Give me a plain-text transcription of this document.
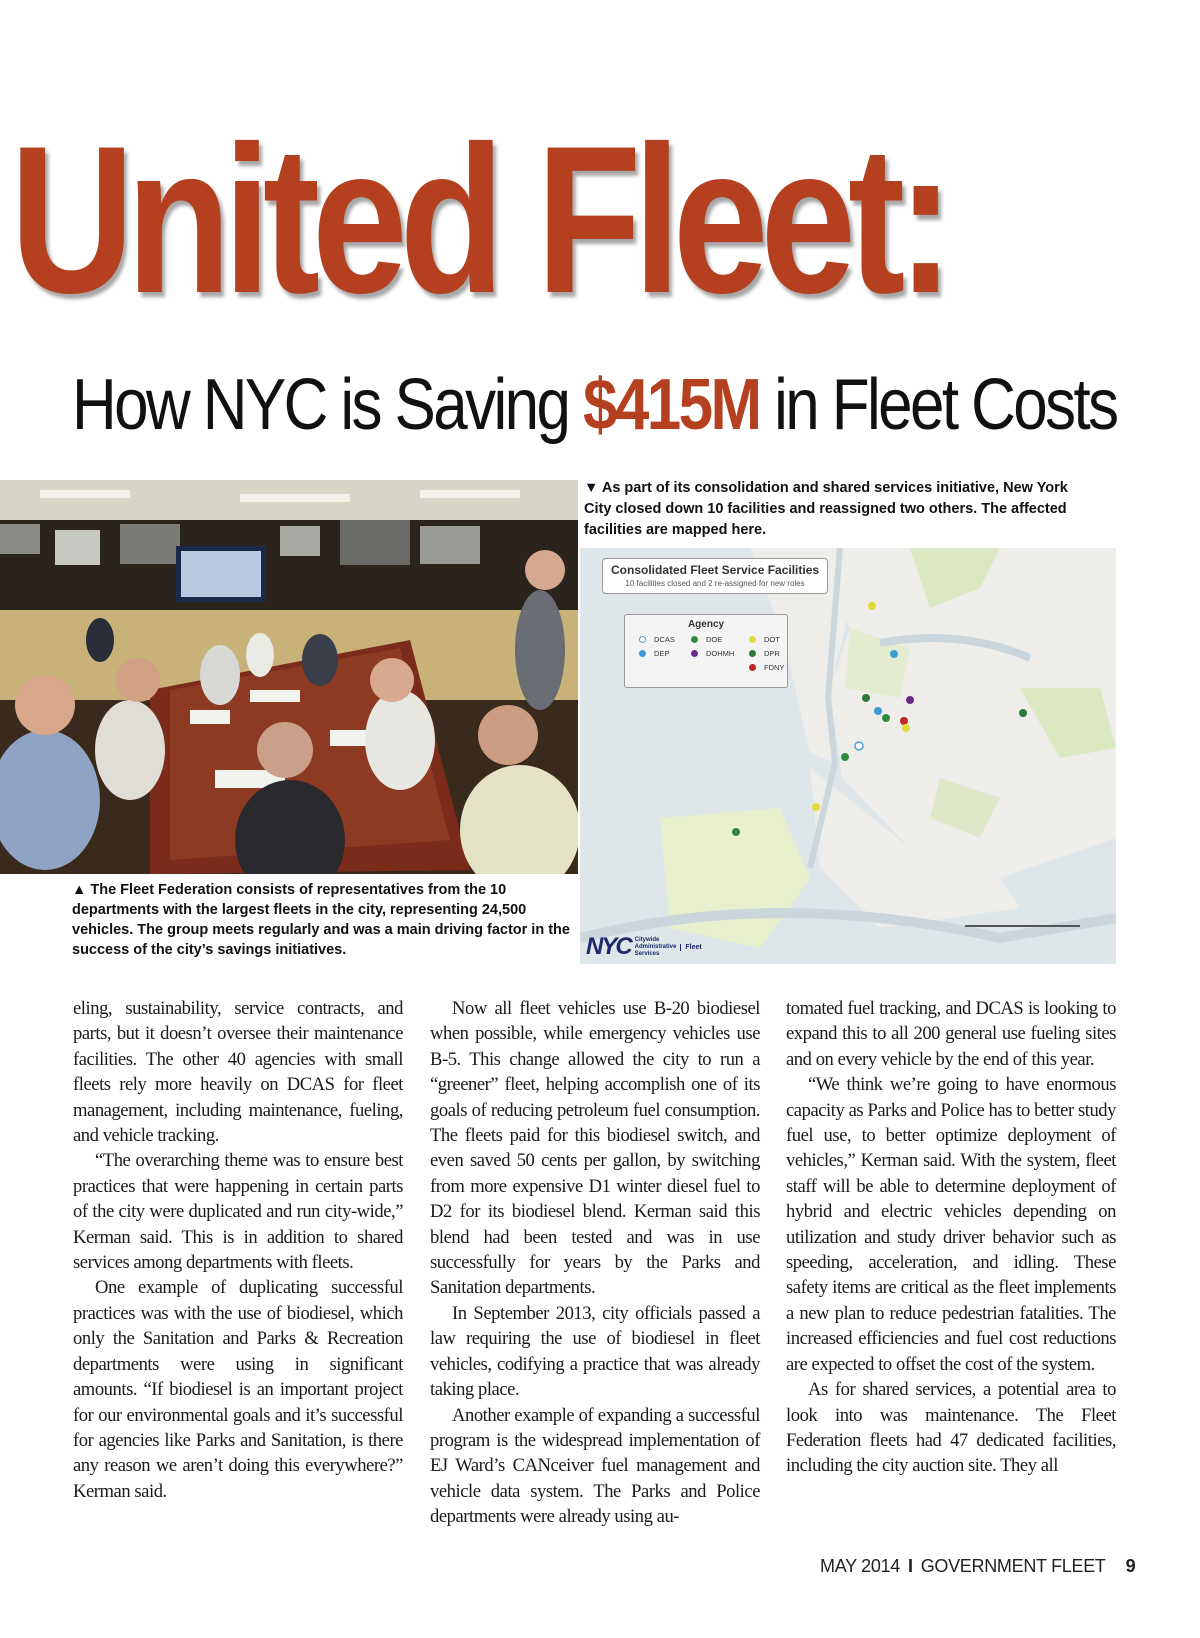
United Fleet:
How NYC is Saving $415M in Fleet Costs
▲ The Fleet Federation consists of representatives from the 10 departments with the largest fleets in the city, representing 24,500 vehicles. The group meets regularly and was a main driving factor in the success of the city’s savings initiatives.
▼ As part of its consolidation and shared services initiative, New York City closed down 10 facilities and reassigned two others. The affected facilities are mapped here.
Consolidated Fleet Service Facilities
10 facilities closed and 2 re-assigned for new roles
Agency
DCAS
DEP
DOE
DOHMH
DOT
DPR
FDNY
NYC Citywide
Administrative
Services
Fleet

eling, sustainability, service contracts, and parts, but it doesn’t oversee their maintenance facilities. The other 40 agencies with small fleets rely more heavily on DCAS for fleet management, including maintenance, fueling, and vehicle tracking.

“The overarching theme was to ensure best practices that were happening in certain parts of the city were duplicated and run city-wide,” Kerman said. This is in addition to shared services among departments with fleets.

One example of duplicating successful practices was with the use of biodiesel, which only the Sanitation and Parks & Recreation departments were using in significant amounts. “If biodiesel is an important project for our environmental goals and it’s successful for agencies like Parks and Sanitation, is there any reason we aren’t doing this everywhere?” Kerman said.

Now all fleet vehicles use B-20 biodiesel when possible, while emergency vehicles use B-5. This change allowed the city to run a “greener” fleet, helping accomplish one of its goals of reducing petroleum fuel consumption. The fleets paid for this biodiesel switch, and even saved 50 cents per gallon, by switching from more expensive D1 winter diesel fuel to D2 for its biodiesel blend. Kerman said this blend had been tested and was in use successfully for years by the Parks and Sanitation departments.

In September 2013, city officials passed a law requiring the use of biodiesel in fleet vehicles, codifying a practice that was already taking place.

Another example of expanding a successful program is the widespread implementation of EJ Ward’s CANceiver fuel management and vehicle data system. The Parks and Police departments were already using au-

tomated fuel tracking, and DCAS is looking to expand this to all 200 general use fueling sites and on every vehicle by the end of this year.

“We think we’re going to have enormous capacity as Parks and Police has to better study fuel use, to better optimize deployment of vehicles,” Kerman said. With the system, fleet staff will be able to determine deployment of hybrid and electric vehicles depending on utilization and study driver behavior such as speeding, acceleration, and idling. These safety items are critical as the fleet implements a new plan to reduce pedestrian fatalities. The increased efficiencies and fuel cost reductions are expected to offset the cost of the system.

As for shared services, a potential area to look into was maintenance. The Fleet Federation fleets had 47 dedicated facilities, including the city auction site. They all

MAY 2014 I GOVERNMENT FLEET 9
